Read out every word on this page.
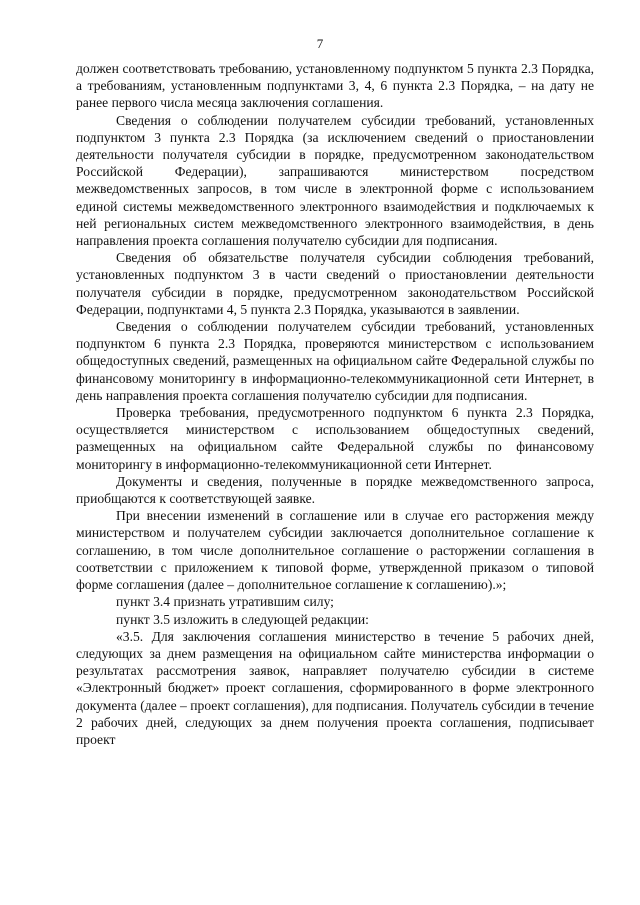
7

должен соответствовать требованию, установленному подпунктом 5 пункта 2.3 Порядка, а требованиям, установленным подпунктами 3, 4, 6 пункта 2.3 Порядка, – на дату не ранее первого числа месяца заключения соглашения.

Сведения о соблюдении получателем субсидии требований, установленных подпунктом 3 пункта 2.3 Порядка (за исключением сведений о приостановлении деятельности получателя субсидии в порядке, предусмотренном законодательством Российской Федерации), запрашиваются министерством посредством межведомственных запросов, в том числе в электронной форме с использованием единой системы межведомственного электронного взаимодействия и подключаемых к ней региональных систем межведомственного электронного взаимодействия, в день направления проекта соглашения получателю субсидии для подписания.

Сведения об обязательстве получателя субсидии соблюдения требований, установленных подпунктом 3 в части сведений о приостановлении деятельности получателя субсидии в порядке, предусмотренном законодательством Российской Федерации, подпунктами 4, 5 пункта 2.3 Порядка, указываются в заявлении.

Сведения о соблюдении получателем субсидии требований, установленных подпунктом 6 пункта 2.3 Порядка, проверяются министерством с использованием общедоступных сведений, размещенных на официальном сайте Федеральной службы по финансовому мониторингу в информационно-телекоммуникационной сети Интернет, в день направления проекта соглашения получателю субсидии для подписания.

Проверка требования, предусмотренного подпунктом 6 пункта 2.3 Порядка, осуществляется министерством с использованием общедоступных сведений, размещенных на официальном сайте Федеральной службы по финансовому мониторингу в информационно-телекоммуникационной сети Интернет.

Документы и сведения, полученные в порядке межведомственного запроса, приобщаются к соответствующей заявке.

При внесении изменений в соглашение или в случае его расторжения между министерством и получателем субсидии заключается дополнительное соглашение к соглашению, в том числе дополнительное соглашение о расторжении соглашения в соответствии с приложением к типовой форме, утвержденной приказом о типовой форме соглашения (далее – дополнительное соглашение к соглашению).»;

пункт 3.4 признать утратившим силу;

пункт 3.5 изложить в следующей редакции:

«3.5. Для заключения соглашения министерство в течение 5 рабочих дней, следующих за днем размещения на официальном сайте министерства информации о результатах рассмотрения заявок, направляет получателю субсидии в системе «Электронный бюджет» проект соглашения, сформированного в форме электронного документа (далее – проект соглашения), для подписания. Получатель субсидии в течение 2 рабочих дней, следующих за днем получения проекта соглашения, подписывает проект
